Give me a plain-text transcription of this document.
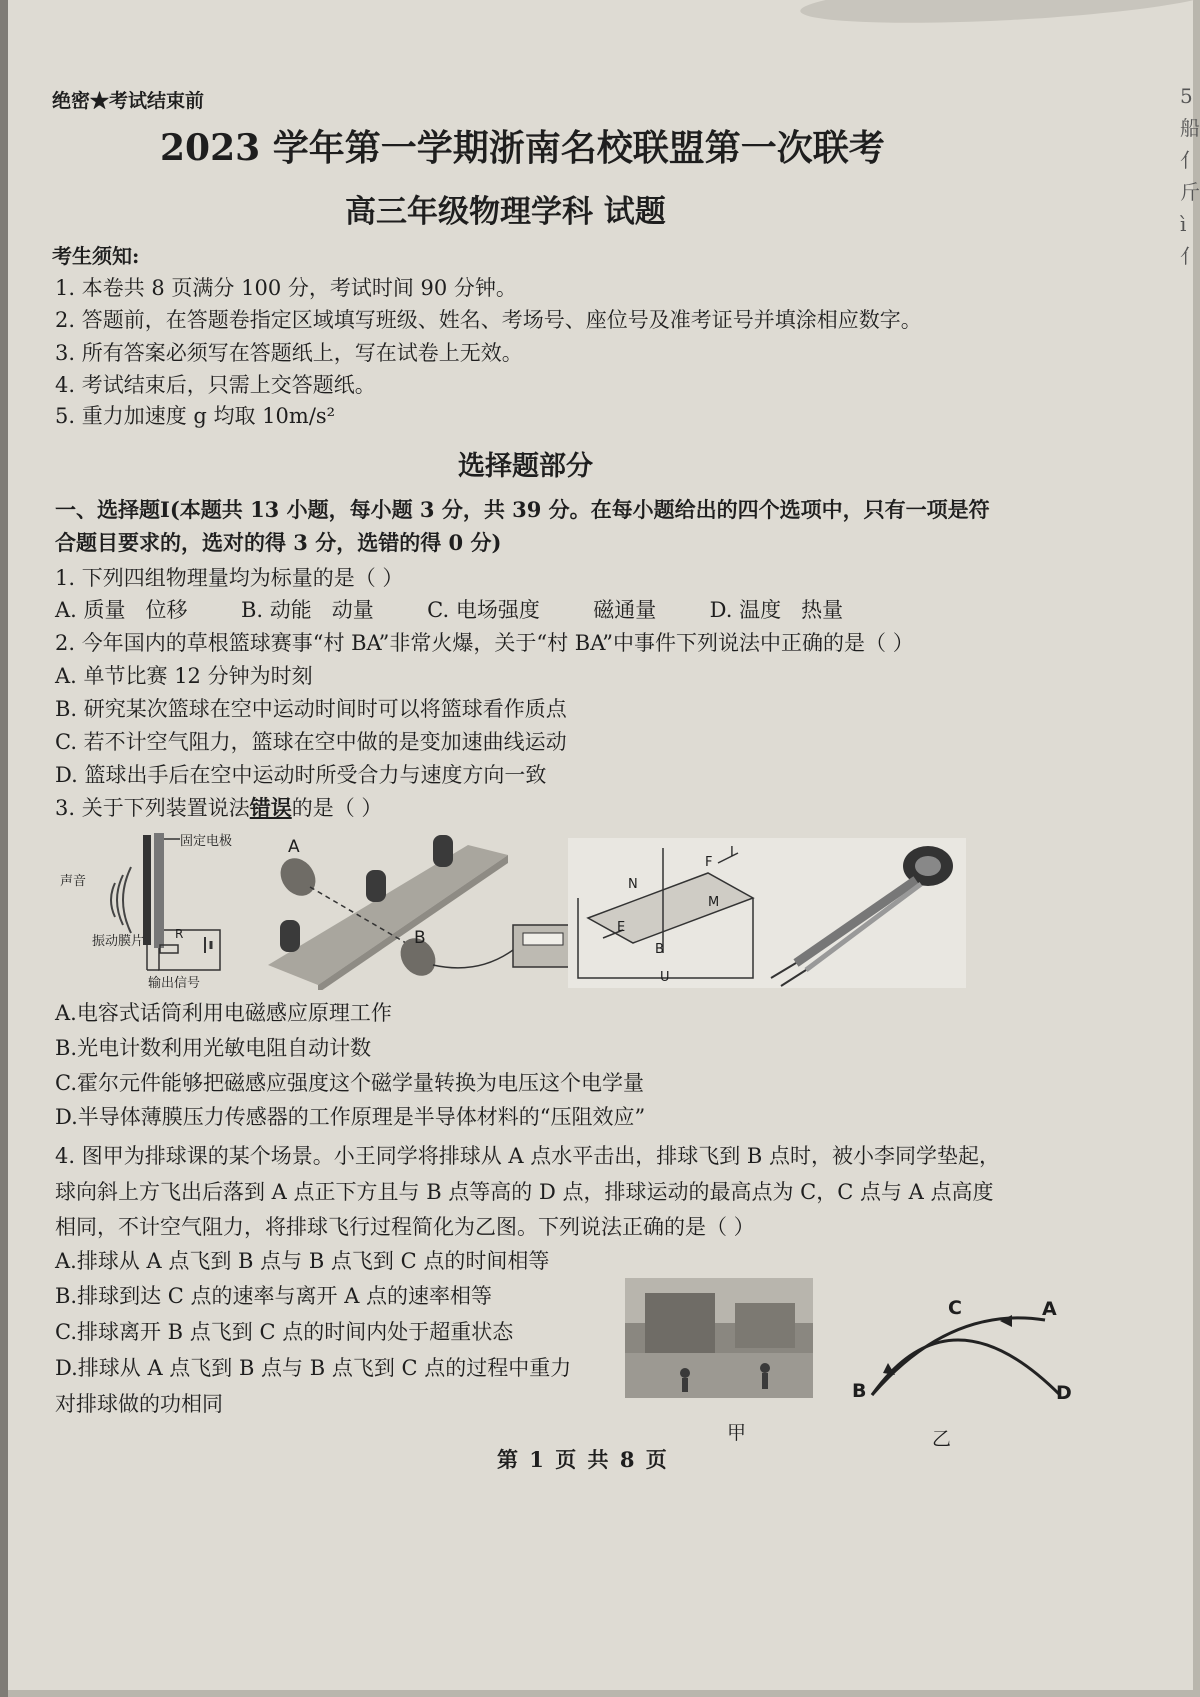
5
船
亻
斤
ì
亻
绝密★考试结束前
2023 学年第一学期浙南名校联盟第一次联考
高三年级物理学科 试题
考生须知:
1. 本卷共 8 页满分 100 分，考试时间 90 分钟。
2. 答题前，在答题卷指定区域填写班级、姓名、考场号、座位号及准考证号并填涂相应数字。
3. 所有答案必须写在答题纸上，写在试卷上无效。
4. 考试结束后，只需上交答题纸。
5. 重力加速度 g 均取 10m/s²
选择题部分
一、选择题Ⅰ(本题共 13 小题，每小题 3 分，共 39 分。在每小题给出的四个选项中，只有一项是符
合题目要求的，选对的得 3 分，选错的得 0 分)
1. 下列四组物理量均为标量的是（ ）
A. 质量   位移        B. 动能   动量        C. 电场强度        磁通量        D. 温度   热量
2. 今年国内的草根篮球赛事“村 BA”非常火爆，关于“村 BA”中事件下列说法中正确的是（ ）
A. 单节比赛 12 分钟为时刻
B. 研究某次篮球在空中运动时间时可以将篮球看作质点
C. 若不计空气阻力，篮球在空中做的是变加速曲线运动
D. 篮球出手后在空中运动时所受合力与速度方向一致
3. 关于下列装置说法错误的是（ ）
固定电极
声音
振动膜片	R
输出信号
A
B
F
I
N
M
E
B
U
A.电容式话筒利用电磁感应原理工作
B.光电计数利用光敏电阻自动计数
C.霍尔元件能够把磁感应强度这个磁学量转换为电压这个电学量
D.半导体薄膜压力传感器的工作原理是半导体材料的“压阻效应”
4. 图甲为排球课的某个场景。小王同学将排球从 A 点水平击出，排球飞到 B 点时，被小李同学垫起，
球向斜上方飞出后落到 A 点正下方且与 B 点等高的 D 点，排球运动的最高点为 C，C 点与 A 点高度
相同，不计空气阻力，将排球飞行过程简化为乙图。下列说法正确的是（ ）
A.排球从 A 点飞到 B 点与 B 点飞到 C 点的时间相等
B.排球到达 C 点的速率与离开 A 点的速率相等
C.排球离开 B 点飞到 C 点的时间内处于超重状态
D.排球从 A 点飞到 B 点与 B 点飞到 C 点的过程中重力
对排球做的功相同
甲
C	A
B	D
乙
第 1 页 共 8 页
